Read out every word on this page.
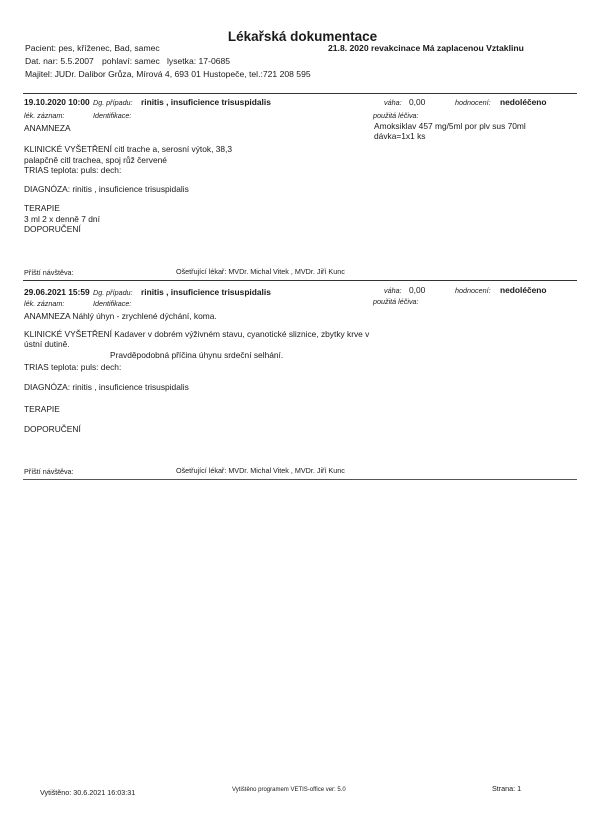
Lékařská dokumentace
Pacient: pes, kříženec, Bad, samec	21.8. 2020 revakcinace Má zaplacenou Vztaklinu
Dat. nar: 5.5.2007 pohlaví: samec lysetka: 17-0685
Majitel: JUDr. Dalibor Grůza, Mírová 4, 693 01 Hustopeče, tel.:721 208 595
19.10.2020 10:00 Dg. případu: rinitis , insuficience trisuspidalis	váha: 0,00	hodnocení: nedoléčeno
lék. záznam:	Identifikace:	použitá léčiva:
Amoksiklav 457 mg/5ml por plv sus 70ml
dávka=1x1 ks
ANAMNEZA
KLINICKÉ VYŠETŘENÍ citl trache a, serosní výtok, 38,3
palapčně citl trachea, spoj růž červené
TRIAS teplota: puls: dech:
DIAGNÓZA: rinitis , insuficience trisuspidalis
TERAPIE
3 ml 2 x denně 7 dní
DOPORUČENÍ
Příští návštěva:	Ošetřující lékař: MVDr. Michal Vitek , MVDr. Jiří Kunc
29.06.2021 15:59 Dg. případu: rinitis , insuficience trisuspidalis	váha: 0,00	hodnocení: nedoléčeno
lék. záznam:	Identifikace:	použitá léčiva:
ANAMNEZA Náhlý úhyn - zrychlené dýchání, koma.
KLINICKÉ VYŠETŘENÍ Kadaver v dobrém výživném stavu, cyanotické sliznice, zbytky krve v ústní dutině.
Pravděpodobná příčina úhynu srdeční selhání.
TRIAS teplota: puls: dech:
DIAGNÓZA: rinitis , insuficience trisuspidalis
TERAPIE
DOPORUČENÍ
Příští návštěva:	Ošetřující lékař: MVDr. Michal Vitek , MVDr. Jiří Kunc
Vytištěno: 30.6.2021 16:03:31	Vytištěno programem VETIS-office ver: 5.0	Strana: 1
